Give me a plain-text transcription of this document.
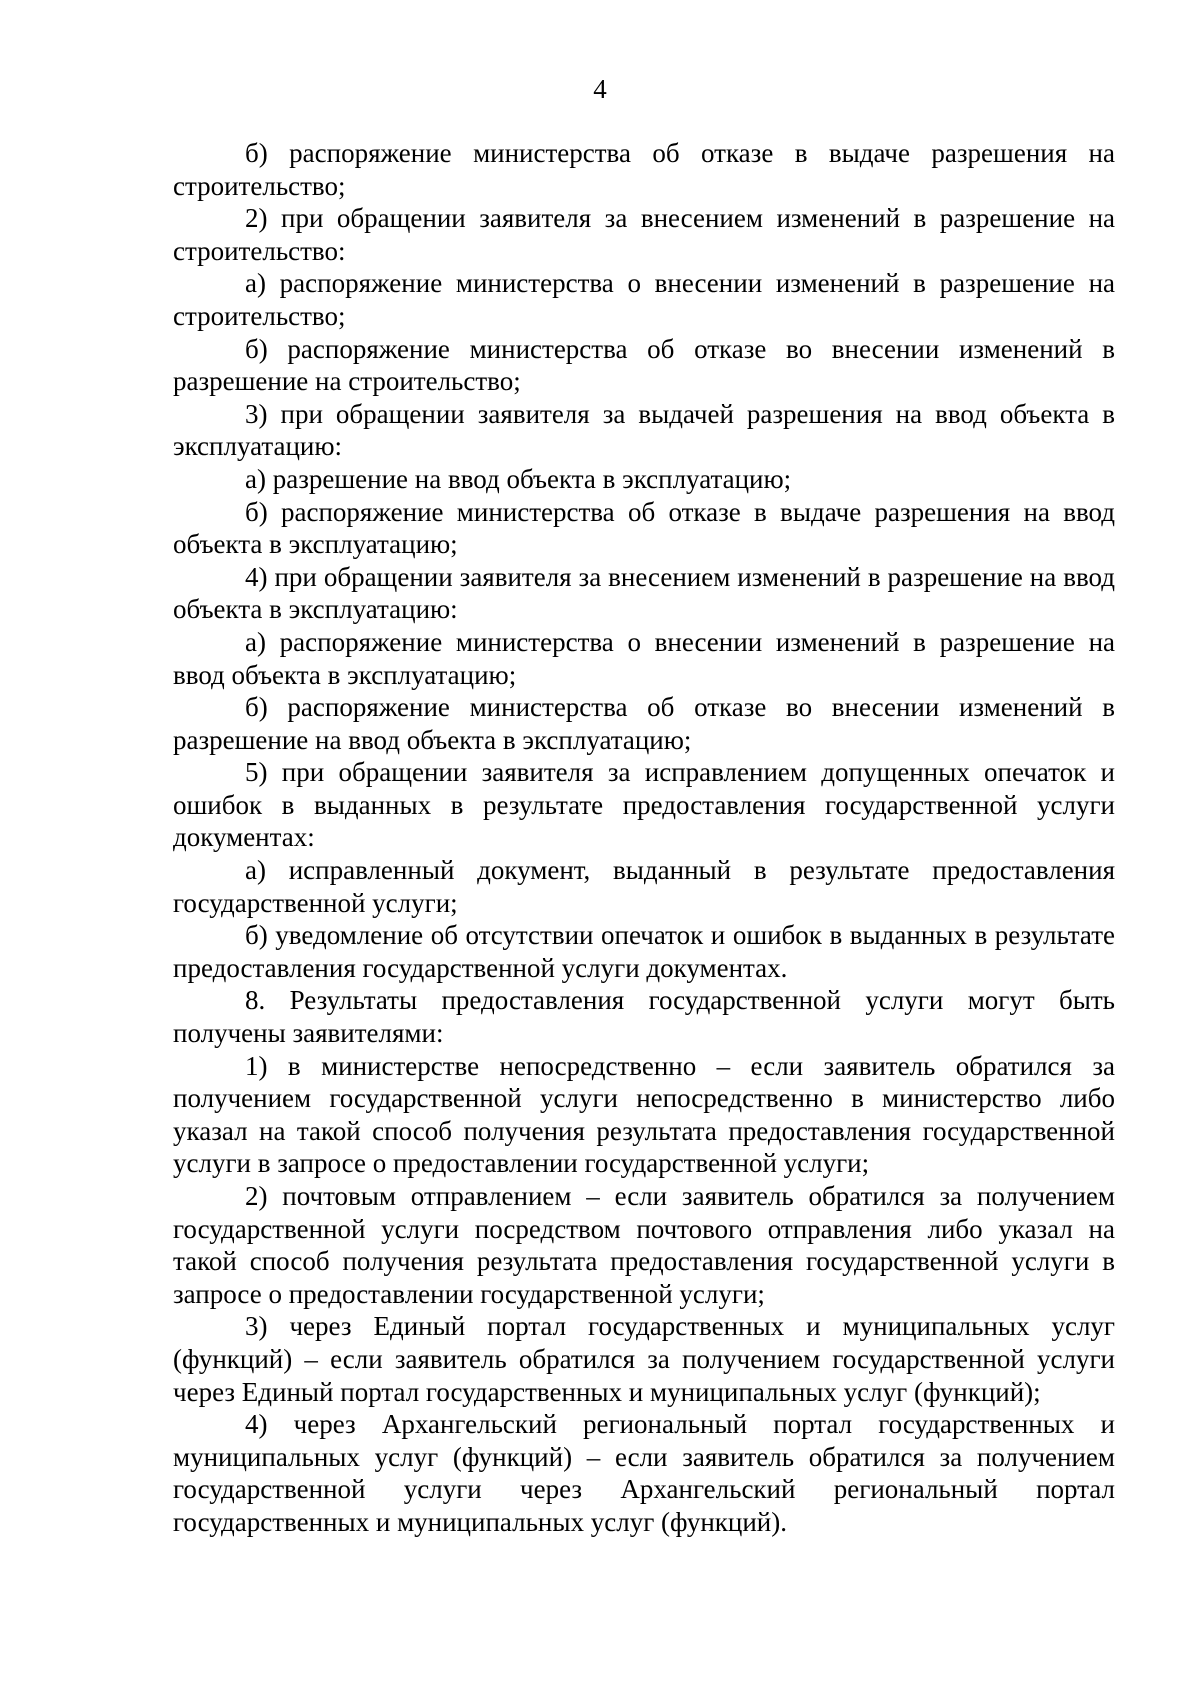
4

б) распоряжение министерства об отказе в выдаче разрешения на строительство;

2) при обращении заявителя за внесением изменений в разрешение на строительство:

а) распоряжение министерства о внесении изменений в разрешение на строительство;

б) распоряжение министерства об отказе во внесении изменений в разрешение на строительство;

3) при обращении заявителя за выдачей разрешения на ввод объекта в эксплуатацию:

а) разрешение на ввод объекта в эксплуатацию;

б) распоряжение министерства об отказе в выдаче разрешения на ввод объекта в эксплуатацию;

4) при обращении заявителя за внесением изменений в разрешение на ввод объекта в эксплуатацию:

а) распоряжение министерства о внесении изменений в разрешение на ввод объекта в эксплуатацию;

б) распоряжение министерства об отказе во внесении изменений в разрешение на ввод объекта в эксплуатацию;

5) при обращении заявителя за исправлением допущенных опечаток и ошибок в выданных в результате предоставления государственной услуги документах:

а) исправленный документ, выданный в результате предоставления государственной услуги;

б) уведомление об отсутствии опечаток и ошибок в выданных в результате предоставления государственной услуги документах.

8. Результаты предоставления государственной услуги могут быть получены заявителями:

1) в министерстве непосредственно – если заявитель обратился за получением государственной услуги непосредственно в министерство либо указал на такой способ получения результата предоставления государственной услуги в запросе о предоставлении государственной услуги;

2) почтовым отправлением – если заявитель обратился за получением государственной услуги посредством почтового отправления либо указал на такой способ получения результата предоставления государственной услуги в запросе о предоставлении государственной услуги;

3) через Единый портал государственных и муниципальных услуг (функций) – если заявитель обратился за получением государственной услуги через Единый портал государственных и муниципальных услуг (функций);

4) через Архангельский региональный портал государственных и муниципальных услуг (функций) – если заявитель обратился за получением государственной услуги через Архангельский региональный портал государственных и муниципальных услуг (функций).
